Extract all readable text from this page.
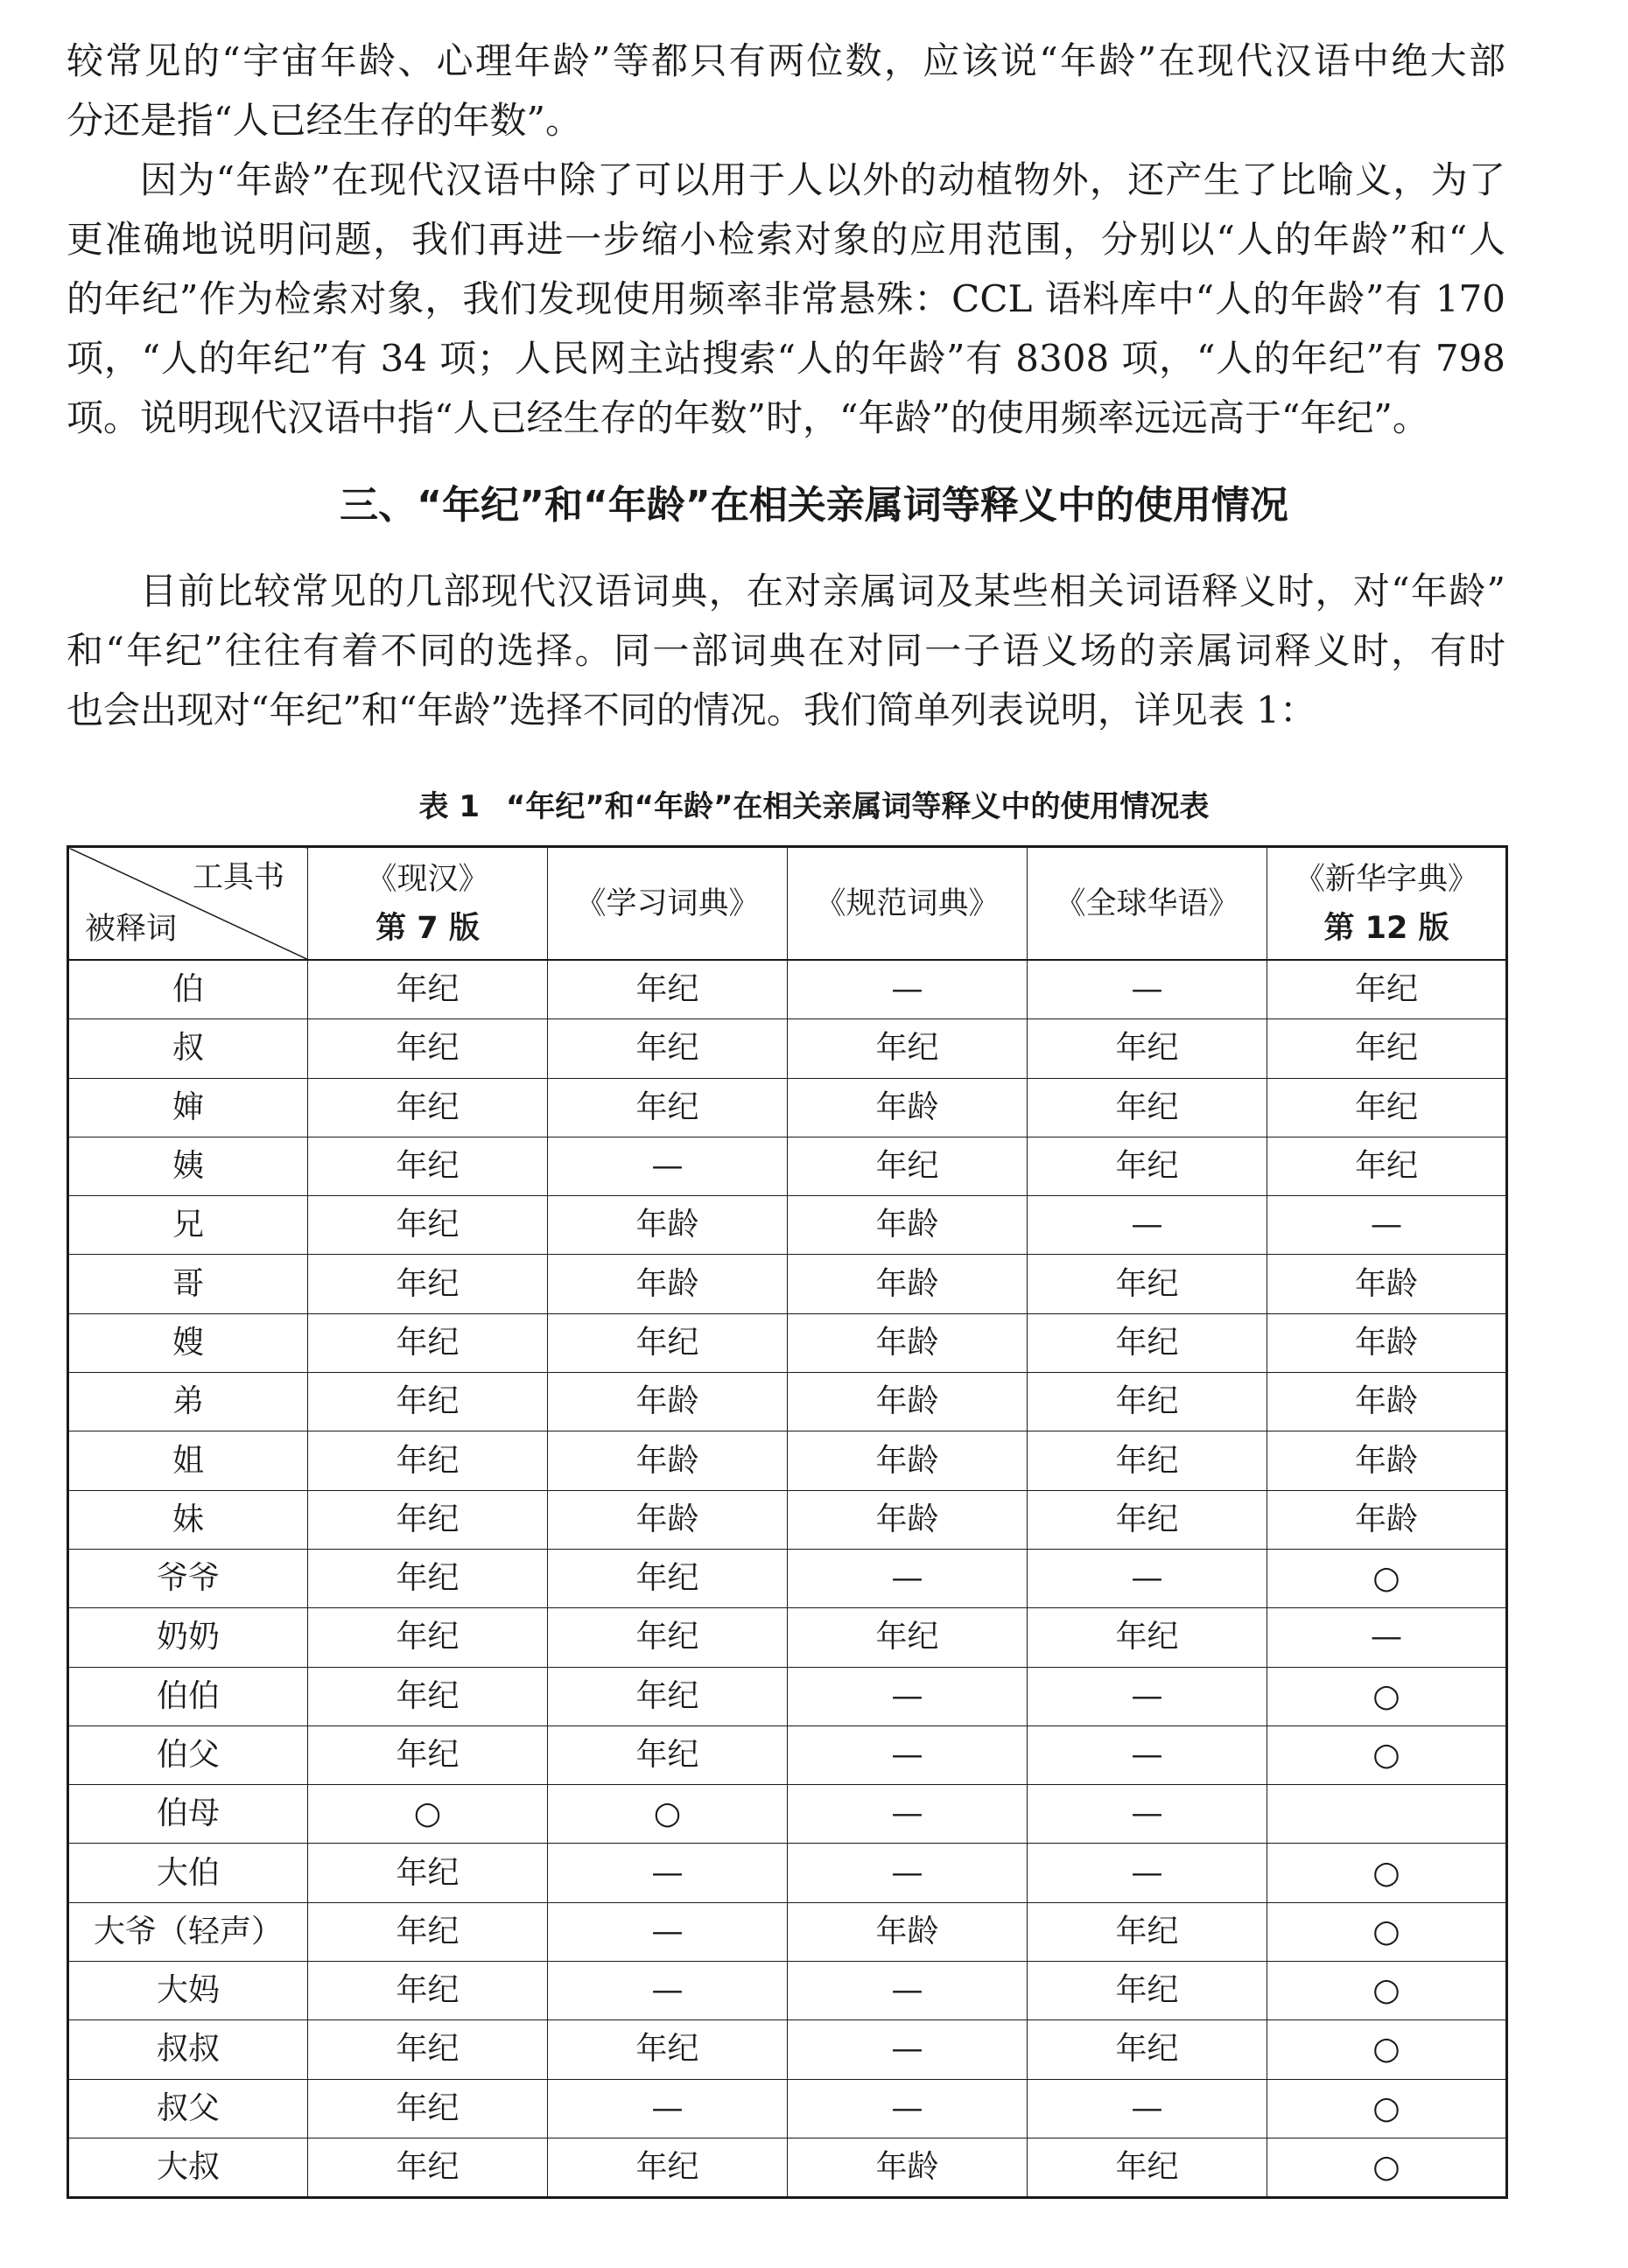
较常见的“宇宙年龄、心理年龄”等都只有两位数，应该说“年龄”在现代汉语中绝大部
分还是指“人已经生存的年数”。

因为“年龄”在现代汉语中除了可以用于人以外的动植物外，还产生了比喻义，为了
更准确地说明问题，我们再进一步缩小检索对象的应用范围，分别以“人的年龄”和“人
的年纪”作为检索对象，我们发现使用频率非常悬殊：CCL 语料库中“人的年龄”有 170
项，“人的年纪”有 34 项；人民网主站搜索“人的年龄”有 8308 项，“人的年纪”有 798
项。说明现代汉语中指“人已经生存的年数”时，“年龄”的使用频率远远高于“年纪”。

三、“年纪”和“年龄”在相关亲属词等释义中的使用情况

目前比较常见的几部现代汉语词典，在对亲属词及某些相关词语释义时，对“年龄”
和“年纪”往往有着不同的选择。同一部词典在对同一子语义场的亲属词释义时，有时
也会出现对“年纪”和“年龄”选择不同的情况。我们简单列表说明，详见表 1：

表 1 “年纪”和“年龄”在相关亲属词等释义中的使用情况表
工具书
被释词	《现汉》
第 7 版	《学习词典》	《规范词典》	《全球华语》	《新华字典》
第 12 版

伯	年纪	年纪	—	—	年纪
叔	年纪	年纪	年纪	年纪	年纪
婶	年纪	年纪	年龄	年纪	年纪
姨	年纪	—	年纪	年纪	年纪
兄	年纪	年龄	年龄	—	—
哥	年纪	年龄	年龄	年纪	年龄
嫂	年纪	年纪	年龄	年纪	年龄
弟	年纪	年龄	年龄	年纪	年龄
姐	年纪	年龄	年龄	年纪	年龄
妹	年纪	年龄	年龄	年纪	年龄
爷爷	年纪	年纪	—	—	○
奶奶	年纪	年纪	年纪	年纪	—
伯伯	年纪	年纪	—	—	○
伯父	年纪	年纪	—	—	○
伯母	○	○	—	—	
大伯	年纪	—	—	—	○
大爷（轻声）	年纪	—	年龄	年纪	○
大妈	年纪	—	—	年纪	○
叔叔	年纪	年纪	—	年纪	○
叔父	年纪	—	—	—	○
大叔	年纪	年纪	年龄	年纪	○
